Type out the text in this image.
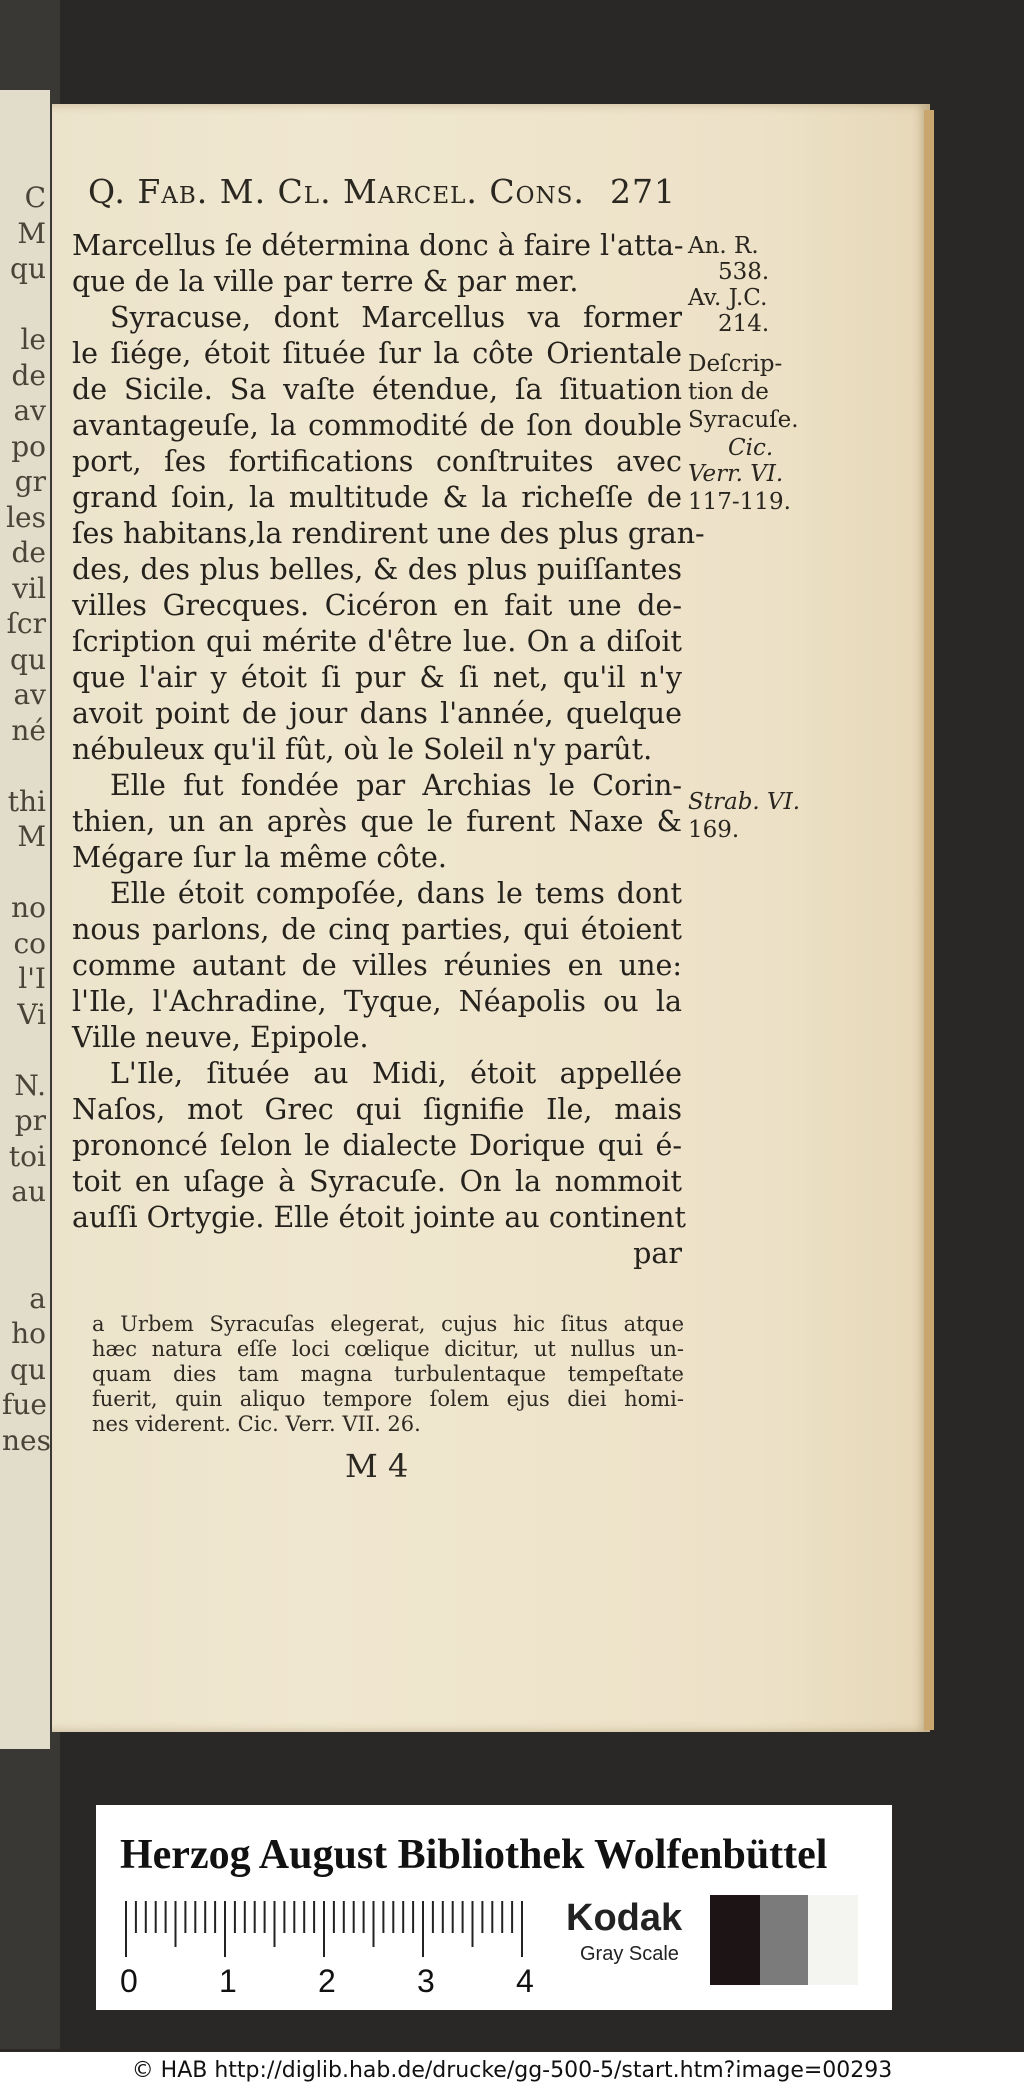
C
M
qu
le
de
av
po
gr
les
de
vil
ſcr
qu
av
né
thi
M
no
co
l'I
Vi
N.
pr
toi
au
a
ho
qu
fue
nes
Q. Fab. M. Cl. Marcel. Cons. 271

Marcellus ſe détermina donc à faire l'atta-

que de la ville par terre & par mer.

Syracuse, dont Marcellus va former

le ſiége, étoit ſituée ſur la côte Orientale

de Sicile. Sa vaſte étendue, ſa ſituation

avantageuſe, la commodité de ſon double

port, ſes fortifications conſtruites avec

grand ſoin, la multitude & la richeſſe de

ſes habitans,la rendirent une des plus gran-

des, des plus belles, & des plus puiſſantes

villes Grecques. Cicéron en fait une de-

ſcription qui mérite d'être lue. On a diſoit

que l'air y étoit ſi pur & ſi net, qu'il n'y

avoit point de jour dans l'année, quelque

nébuleux qu'il fût, où le Soleil n'y parût.

Elle fut fondée par Archias le Corin-

thien, un an après que le furent Naxe &

Mégare ſur la même côte.

Elle étoit compoſée, dans le tems dont

nous parlons, de cinq parties, qui étoient

comme autant de villes réunies en une:

l'Ile, l'Achradine, Tyque, Néapolis ou la

Ville neuve, Epipole.

L'Ile, ſituée au Midi, étoit appellée

Naſos, mot Grec qui ſignifie Ile, mais

prononcé ſelon le dialecte Dorique qui é-

toit en uſage à Syracuſe. On la nommoit

auſſi Ortygie. Elle étoit jointe au continent

par

An. R.
538.
Av. J.C.
214.
Deſcrip-
tion de
Syracuſe.
Cic.
Verr. VI.
117-119.
Strab. VI.
169.

a Urbem Syracuſas elegerat, cujus hic ſitus atque

hæc natura eſſe loci cœlique dicitur, ut nullus un-

quam dies tam magna turbulentaque tempeſtate

fuerit, quin aliquo tempore ſolem ejus diei homi-

nes viderent. Cic. Verr. VII. 26.

M 4
Herzog August Bibliothek Wolfenbüttel
0	1	2	3	4
Kodak
Gray Scale
© HAB http://diglib.hab.de/drucke/gg-500-5/start.htm?image=00293
